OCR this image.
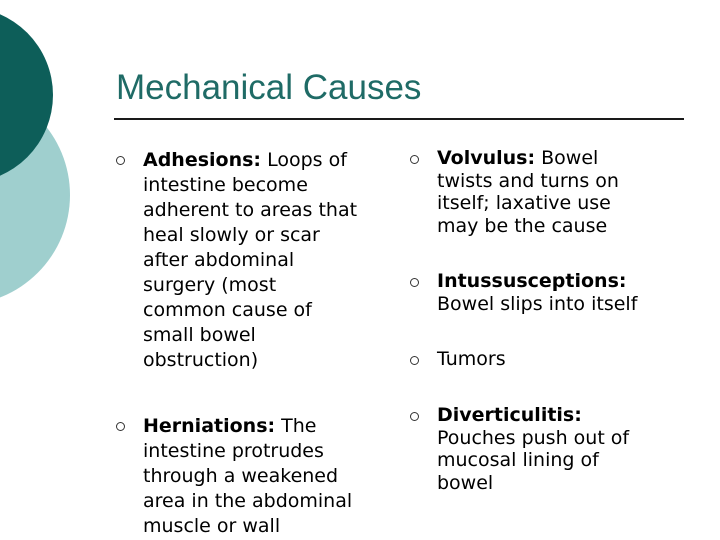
Mechanical Causes
Adhesions: Loops of
intestine become
adherent to areas that
heal slowly or scar
after abdominal
surgery (most
common cause of
small bowel
obstruction)
Herniations: The
intestine protrudes
through a weakened
area in the abdominal
muscle or wall
Volvulus: Bowel
twists and turns on
itself; laxative use
may be the cause
Intussusceptions:
Bowel slips into itself
Tumors
Diverticulitis:
Pouches push out of
mucosal lining of
bowel
